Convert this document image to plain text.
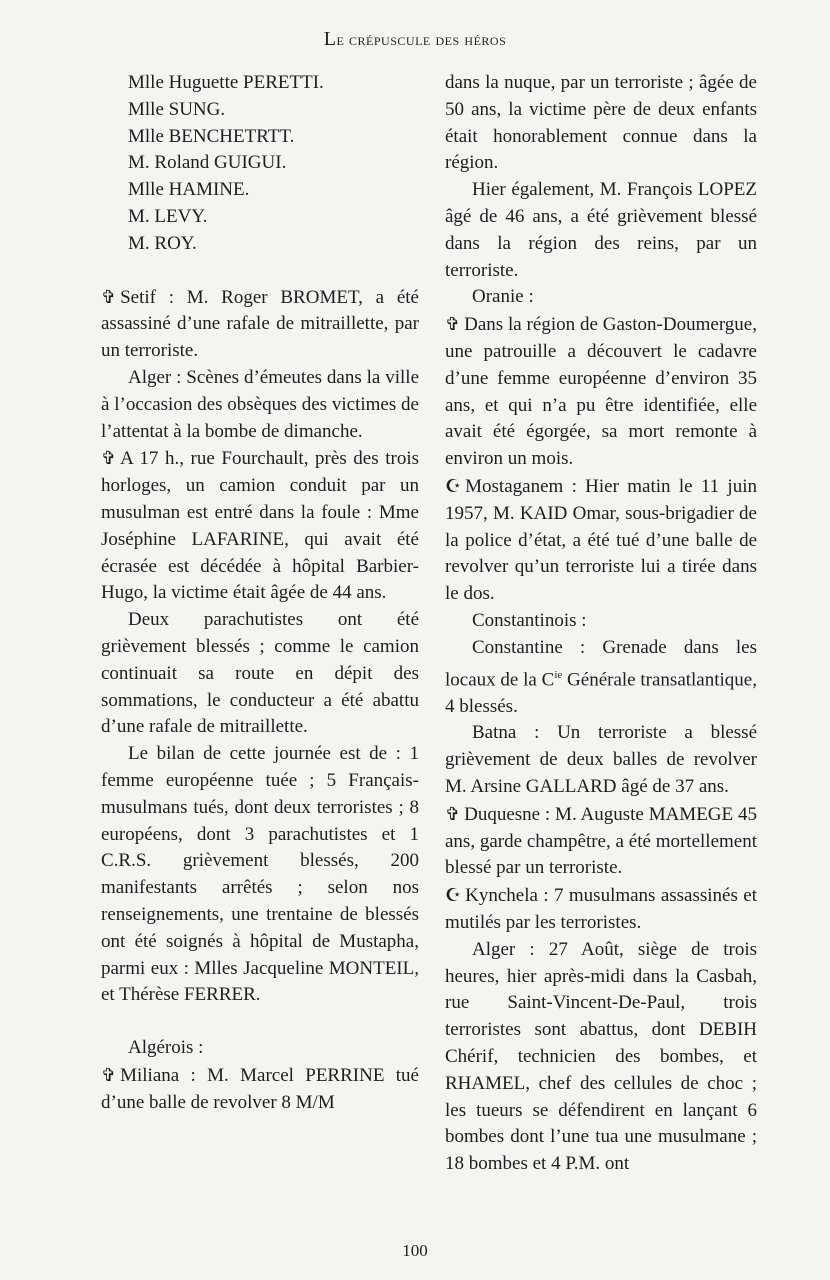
Le crépuscule des héros
Mlle Huguette PERETTI.
Mlle SUNG.
Mlle BENCHETRTT.
M. Roland GUIGUI.
Mlle HAMINE.
M. LEVY.
M. ROY.

✞ Setif : M. Roger BROMET, a été assassiné d’une rafale de mitraillette, par un terroriste.

Alger : Scènes d’émeutes dans la ville à l’occasion des obsèques des victimes de l’attentat à la bombe de dimanche.

✞ A 17 h., rue Fourchault, près des trois horloges, un camion conduit par un musulman est entré dans la foule : Mme Joséphine LAFARINE, qui avait été écrasée est décédée à hôpital Barbier-Hugo, la victime était âgée de 44 ans.

Deux parachutistes ont été grièvement blessés ; comme le camion continuait sa route en dépit des sommations, le conducteur a été abattu d’une rafale de mitraillette.

Le bilan de cette journée est de : 1 femme européenne tuée ; 5 Français-musulmans tués, dont deux terroristes ; 8 européens, dont 3 parachutistes et 1 C.R.S. grièvement blessés, 200 manifestants arrêtés ; selon nos renseignements, une trentaine de blessés ont été soignés à hôpital de Mustapha, parmi eux : Mlles Jacqueline MONTEIL, et Thérèse FERRER.

Algérois :

✞ Miliana : M. Marcel PERRINE tué d’une balle de revolver 8 M/M

dans la nuque, par un terroriste ; âgée de 50 ans, la victime père de deux enfants était honorablement connue dans la région.

Hier également, M. François LOPEZ âgé de 46 ans, a été grièvement blessé dans la région des reins, par un terroriste.

Oranie :

✞ Dans la région de Gaston-Doumergue, une patrouille a découvert le cadavre d’une femme européenne d’environ 35 ans, et qui n’a pu être identifiée, elle avait été égorgée, sa mort remonte à environ un mois.

☪ Mostaganem : Hier matin le 11 juin 1957, M. KAID Omar, sous-brigadier de la police d’état, a été tué d’une balle de revolver qu’un terroriste lui a tirée dans le dos.

Constantinois :

Constantine : Grenade dans les locaux de la $C^{ie}$ Générale transatlantique, 4 blessés.

Batna : Un terroriste a blessé grièvement de deux balles de revolver M. Arsine GALLARD âgé de 37 ans.

✞ Duquesne : M. Auguste MAMEGE 45 ans, garde champêtre, a été mortellement blessé par un terroriste.

☪ Kynchela : 7 musulmans assassinés et mutilés par les terroristes.

Alger : 27 Août, siège de trois heures, hier après-midi dans la Casbah, rue Saint-Vincent-De-Paul, trois terroristes sont abattus, dont DEBIH Chérif, technicien des bombes, et RHAMEL, chef des cellules de choc ; les tueurs se défendirent en lançant 6 bombes dont l’une tua une musulmane ; 18 bombes et 4 P.M. ont

100
